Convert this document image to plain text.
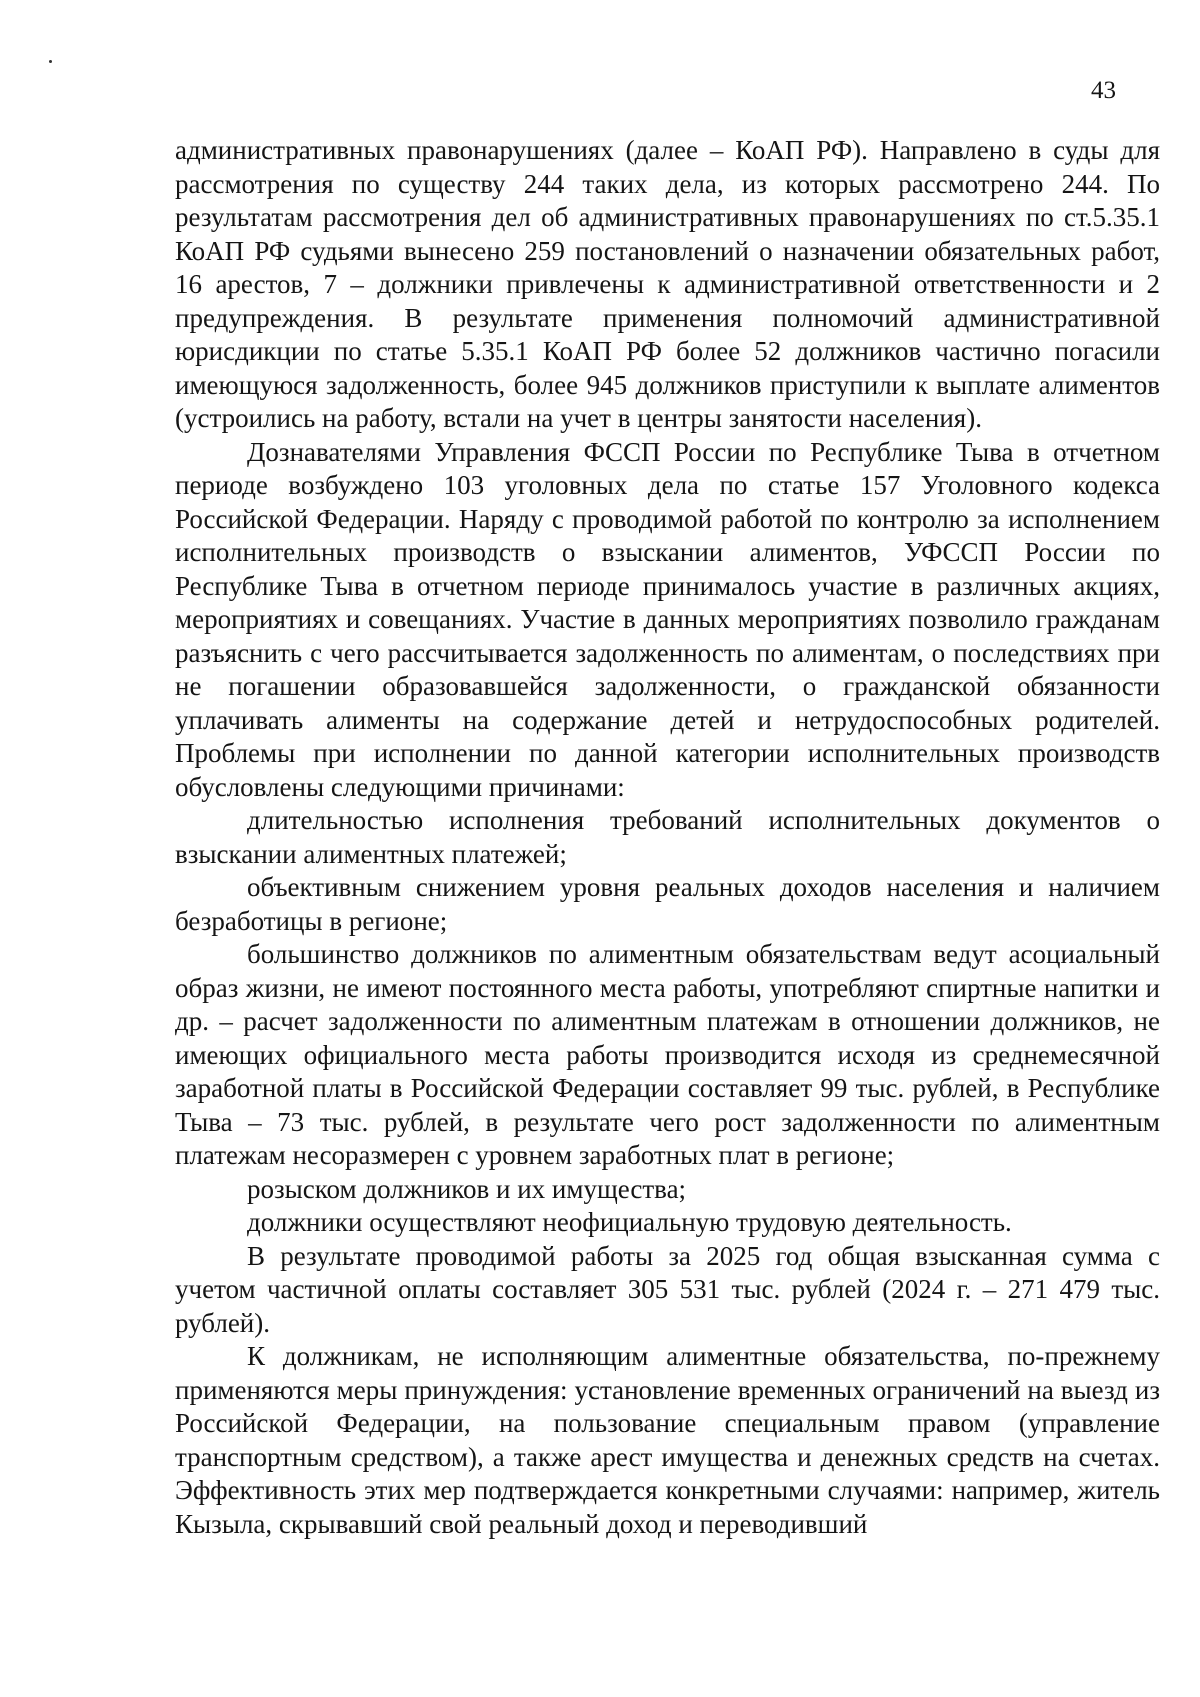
43

административных правонарушениях (далее – КоАП РФ). Направлено в суды для рассмотрения по существу 244 таких дела, из которых рассмотрено 244. По результатам рассмотрения дел об административных правонарушениях по ст.5.35.1 КоАП РФ судьями вынесено 259 постановлений о назначении обязательных работ, 16 арестов, 7 – должники привлечены к административной ответственности и 2 предупреждения. В результате применения полномочий административной юрисдикции по статье 5.35.1 КоАП РФ более 52 должников частично погасили имеющуюся задолженность, более 945 должников приступили к выплате алиментов (устроились на работу, встали на учет в центры занятости населения).

Дознавателями Управления ФССП России по Республике Тыва в отчетном периоде возбуждено 103 уголовных дела по статье 157 Уголовного кодекса Российской Федерации. Наряду с проводимой работой по контролю за исполнением исполнительных производств о взыскании алиментов, УФССП России по Республике Тыва в отчетном периоде принималось участие в различных акциях, мероприятиях и совещаниях. Участие в данных мероприятиях позволило гражданам разъяснить с чего рассчитывается задолженность по алиментам, о последствиях при не погашении образовавшейся задолженности, о гражданской обязанности уплачивать алименты на содержание детей и нетрудоспособных родителей. Проблемы при исполнении по данной категории исполнительных производств обусловлены следующими причинами:

длительностью исполнения требований исполнительных документов о взыскании алиментных платежей;

объективным снижением уровня реальных доходов населения и наличием безработицы в регионе;

большинство должников по алиментным обязательствам ведут асоциальный образ жизни, не имеют постоянного места работы, употребляют спиртные напитки и др. – расчет задолженности по алиментным платежам в отношении должников, не имеющих официального места работы производится исходя из среднемесячной заработной платы в Российской Федерации составляет 99 тыс. рублей, в Республике Тыва – 73 тыс. рублей, в результате чего рост задолженности по алиментным платежам несоразмерен с уровнем заработных плат в регионе;

розыском должников и их имущества;

должники осуществляют неофициальную трудовую деятельность.

В результате проводимой работы за 2025 год общая взысканная сумма с учетом частичной оплаты составляет 305 531 тыс. рублей (2024 г. – 271 479 тыс. рублей).

К должникам, не исполняющим алиментные обязательства, по-прежнему применяются меры принуждения: установление временных ограничений на выезд из Российской Федерации, на пользование специальным правом (управление транспортным средством), а также арест имущества и денежных средств на счетах. Эффективность этих мер подтверждается конкретными случаями: например, житель Кызыла, скрывавший свой реальный доход и переводивший
